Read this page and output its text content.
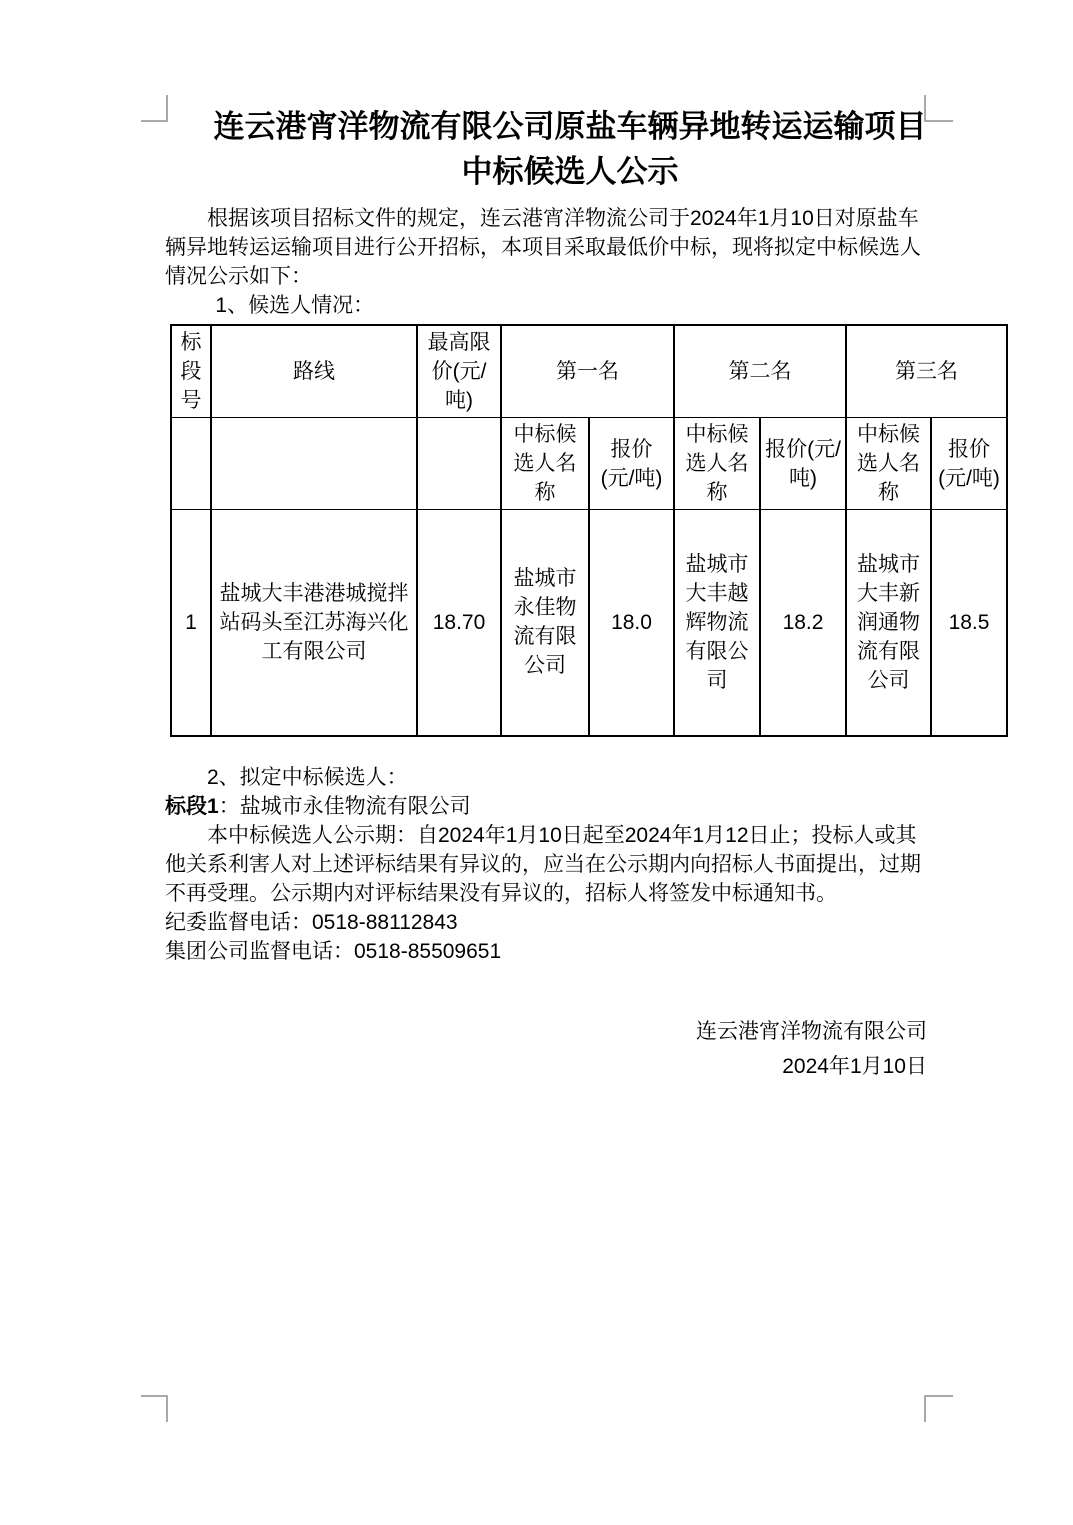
连云港宵洋物流有限公司原盐车辆异地转运运输项目
中标候选人公示

根据该项目招标文件的规定，连云港宵洋物流公司于2024年1月10日对原盐车辆异地转运运输项目进行公开招标，本项目采取最低价中标，现将拟定中标候选人情况公示如下：

1、候选人情况：

标段号	路线	最高限价(元/吨)	第一名		第二名		第三名	
			中标候选人名称	报价(元/吨)	中标候选人名称	报价(元/吨)	中标候选人名称	报价(元/吨)
1	盐城大丰港港城搅拌站码头至江苏海兴化工有限公司	18.70	盐城市永佳物流有限公司	18.0	盐城市大丰越辉物流有限公司	18.2	盐城市大丰新润通物流有限公司	18.5

2、拟定中标候选人：

标段1：盐城市永佳物流有限公司

本中标候选人公示期：自2024年1月10日起至2024年1月12日止；投标人或其他关系利害人对上述评标结果有异议的，应当在公示期内向招标人书面提出，过期不再受理。公示期内对评标结果没有异议的，招标人将签发中标通知书。

纪委监督电话：0518-88112843

集团公司监督电话：0518-85509651

连云港宵洋物流有限公司
2024年1月10日
